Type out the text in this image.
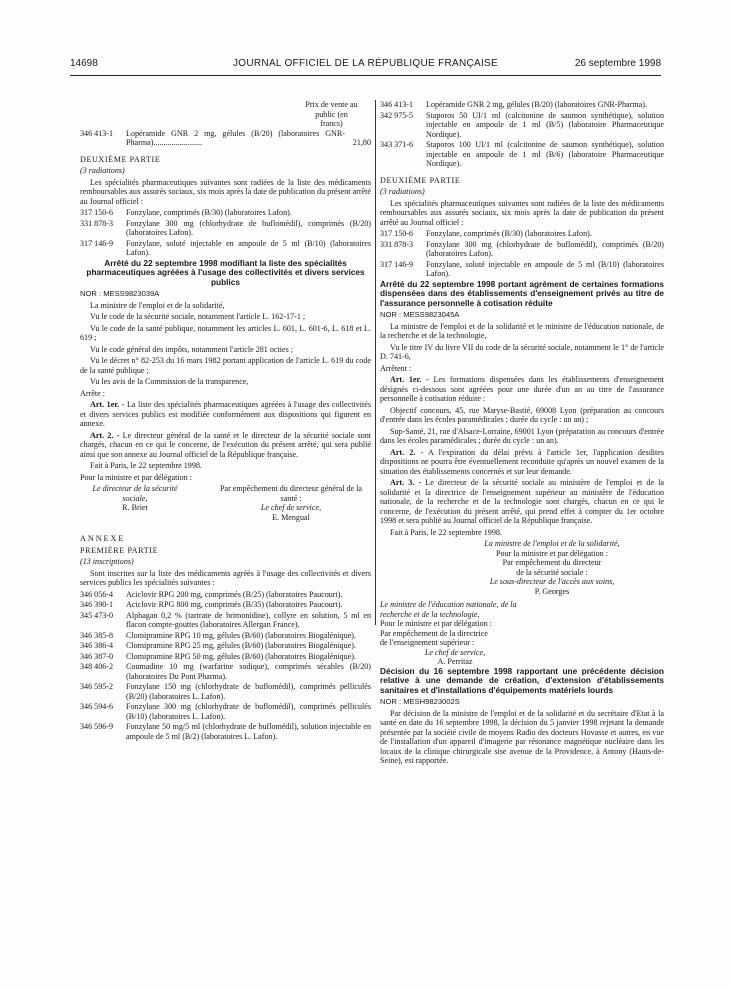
14698	JOURNAL OFFICIEL DE LA RÉPUBLIQUE FRANÇAISE	26 septembre 1998
Prix de vente au public (en francs)
346 413-1	Lopéramide GNR 2 mg, gélules (B/20) (laboratoires GNR-Pharma)........................	21,80

DEUXIÈME PARTIE

(3 radiations)

Les spécialités pharmaceutiques suivantes sont radiées de la liste des médicaments remboursables aux assurés sociaux, six mois après la date de publication du présent arrêté au Journal officiel :

317 150-6	Fonzylane, comprimés (B/30) (laboratoires Lafon).
331 878-3	Fonzylane 300 mg (chlorhydrate de buflomédil), comprimés (B/20) (laboratoires Lafon).
317 146-9	Fonzylane, soluté injectable en ampoule de 5 ml (B/10) (laboratoires Lafon).

Arrêté du 22 septembre 1998 modifiant la liste des spécialités pharmaceutiques agréées à l'usage des collectivités et divers services publics

NOR : MESS9823039A

La ministre de l'emploi et de la solidarité,

Vu le code de la sécurité sociale, notamment l'article L. 162-17-1 ;

Vu le code de la santé publique, notamment les articles L. 601, L. 601-6, L. 618 et L. 619 ;

Vu le code général des impôts, notamment l'article 281 octies ;

Vu le décret n° 82-253 du 16 mars 1982 portant application de l'article L. 619 du code de la santé publique ;

Vu les avis de la Commission de la transparence,

Arrête :

Art. 1er. - La liste des spécialités pharmaceutiques agréées à l'usage des collectivités et divers services publics est modifiée conformément aux dispositions qui figurent en annexe.

Art. 2. - Le directeur général de la santé et le directeur de la sécurité sociale sont chargés, chacun en ce qui le concerne, de l'exécution du présent arrêté, qui sera publié ainsi que son annexe au Journal officiel de la République française.

Fait à Paris, le 22 septembre 1998.

Pour la ministre et par délégation :

Le directeur de la sécurité sociale,
R. Briet
Par empêchement du directeur général de la santé :
Le chef de service,
E. Mengual

ANNEXE

PREMIÈRE PARTIE

(13 inscriptions)

Sont inscrites sur la liste des médicaments agréés à l'usage des collectivités et divers services publics les spécialités suivantes :

346 056-4	Aciclovir RPG 200 mg, comprimés (B/25) (laboratoires Paucourt).
346 390-1	Aciclovir RPG 800 mg, comprimés (B/35) (laboratoires Paucourt).
345 473-0	Alphagan 0,2 % (tartrate de brimonidine), collyre en solution, 5 ml en flacon compte-gouttes (laboratoires Allergan France).
346 385-8	Clomipramine RPG 10 mg, gélules (B/60) (laboratoires Biogalénique).
346 386-4	Clomipramine RPG 25 mg, gélules (B/60) (laboratoires Biogalénique).
346 387-0	Clomipramine RPG 50 mg, gélules (B/60) (laboratoires Biogalénique).
348 406-2	Coumadine 10 mg (warfarine sodique), comprimés sécables (B/20) (laboratoires Du Pont Pharma).
346 595-2	Fonzylane 150 mg (chlorhydrate de buflomédil), comprimés pelliculés (B/20) (laboratoires L. Lafon).
346 594-6	Fonzylane 300 mg (chlorhydrate de buflomédil), comprimés pelliculés (B/10) (laboratoires L. Lafon).
346 596-9	Fonzylane 50 mg/5 ml (chlorhydrate de buflomédil), solution injectable en ampoule de 5 ml (B/2) (laboratoires L. Lafon).
346 413-1	Lopéramide GNR 2 mg, gélules (B/20) (laboratoires GNR-Pharma).
342 975-5	Staporos 50 UI/1 ml (calcitonine de saumon synthétique), solution injectable en ampoule de 1 ml (B/5) (laboratoire Pharmaceutique Nordique).
343 371-6	Staporos 100 UI/1 ml (calcitonine de saumon synthétique), solution injectable en ampoule de 1 ml (B/6) (laboratoire Pharmaceutique Nordique).

DEUXIÈME PARTIE

(3 radiations)

Les spécialités pharmaceutiques suivantes sont radiées de la liste des médicaments remboursables aux assurés sociaux, six mois après la date de publication du présent arrêté au Journal officiel :

317 150-6	Fonzylane, comprimés (B/30) (laboratoires Lafon).
331 878-3	Fonzylane 300 mg (chlorhydrate de buflomédil), comprimés (B/20) (laboratoires Lafon).
317 146-9	Fonzylane, soluté injectable en ampoule de 5 ml (B/10) (laboratoires Lafon).

Arrêté du 22 septembre 1998 portant agrément de certaines formations dispensées dans des établissements d'enseignement privés au titre de l'assurance personnelle à cotisation réduite

NOR : MESS9823045A

La ministre de l'emploi et de la solidarité et le ministre de l'éducation nationale, de la recherche et de la technologie,

Vu le titre IV du livre VII du code de la sécurité sociale, notamment le 1° de l'article D. 741-6,

Arrêtent :

Art. 1er. - Les formations dispensées dans les établissements d'enseignement désignés ci-dessous sont agréées pour une durée d'un an au titre de l'assurance personnelle à cotisation réduite :

Objectif concours, 45, rue Maryse-Bastié, 69008 Lyon (préparation au concours d'entrée dans les écoles paramédicales ; durée du cycle : un an) ;

Sup-Santé, 21, rue d'Alsace-Lorraine, 69001 Lyon (préparation au concours d'entrée dans les écoles paramédicales ; durée du cycle : un an).

Art. 2. - A l'expiration du délai prévu à l'article 1er, l'application desdites dispositions ne pourra être éventuellement reconduite qu'après un nouvel examen de la situation des établissements concernés et sur leur demande.

Art. 3. - Le directeur de la sécurité sociale au ministère de l'emploi et de la solidarité et la directrice de l'enseignement supérieur au ministère de l'éducation nationale, de la recherche et de la technologie sont chargés, chacun en ce qui le concerne, de l'exécution du présent arrêté, qui prend effet à compter du 1er octobre 1998 et sera publié au Journal officiel de la République française.

Fait à Paris, le 22 septembre 1998.

La ministre de l'emploi et de la solidarité,
Pour la ministre et par délégation :
Par empêchement du directeur
de la sécurité sociale :
Le sous-directeur de l'accès aux soins,
P. Georges
Le ministre de l'éducation nationale, de la recherche et de la technologie,
Pour le ministre et par délégation :
Par empêchement de la directrice
de l'enseignement supérieur :
Le chef de service,
A. Perritaz

Décision du 16 septembre 1998 rapportant une précédente décision relative à une demande de création, d'extension d'établissements sanitaires et d'installations d'équipements matériels lourds

NOR : MESH9823002S

Par décision de la ministre de l'emploi et de la solidarité et du secrétaire d'Etat à la santé en date du 16 septembre 1998, la décision du 5 janvier 1998 rejetant la demande présentée par la société civile de moyens Radio des docteurs Hovasse et autres, en vue de l'installation d'un appareil d'imagerie par résonance magnétique nucléaire dans les locaux de la clinique chirurgicale sise avenue de la Providence, à Antony (Hauts-de-Seine), est rapportée.
